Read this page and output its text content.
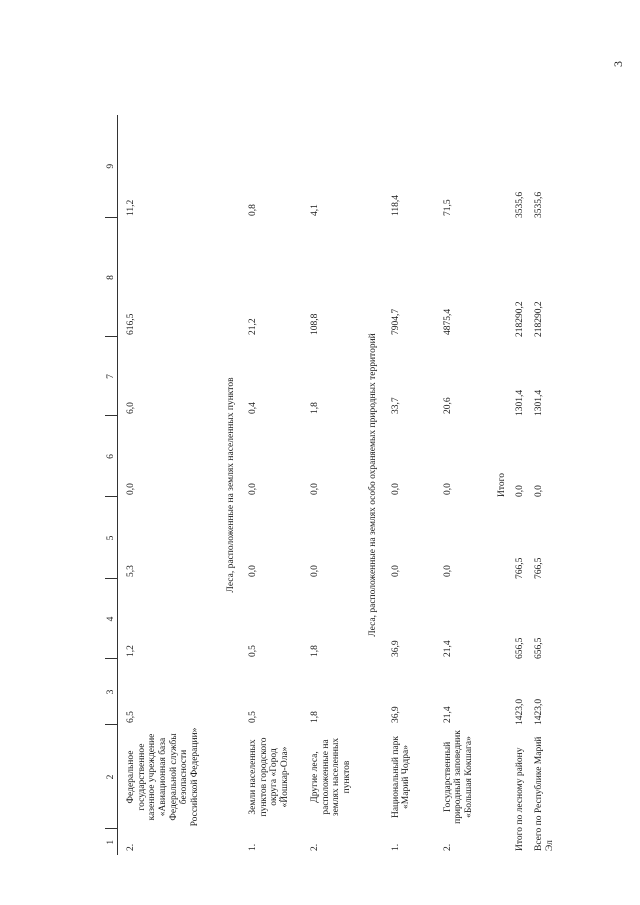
3
1	2	3	4	5	6	7	8	9
2.	Федеральное государственное казенное учреждение «Авиационная база Федеральной службы безопасности Российской Федерации»	6,5	1,2	5,3	0,0	6,0	616,5	11,2
Леса, расположенные на землях населенных пунктов								
1.	Земли населенных пунктов городского округа «Город «Йошкар-Ола»	0,5	0,5	0,0	0,0	0,4	21,2	0,8
2.	Другие леса, расположенные на землях населенных пунктов	1,8	1,8	0,0	0,0	1,8	108,8	4,1
Леса, расположенные на землях особо охраняемых природных территорий								
1.	Национальный парк «Марий Чодра»	36,9	36,9	0,0	0,0	33,7	7904,7	118,4
2.	Государственный природный заповедник «Большая Кокшага»	21,4	21,4	0,0	0,0	20,6	4875,4	71,5
Итого								
Итого по лесному району		1423,0	656,5	766,5	0,0	1301,4	218290,2	3535,6
Всего по Республике Марий Эл		1423,0	656,5	766,5	0,0	1301,4	218290,2	3535,6
